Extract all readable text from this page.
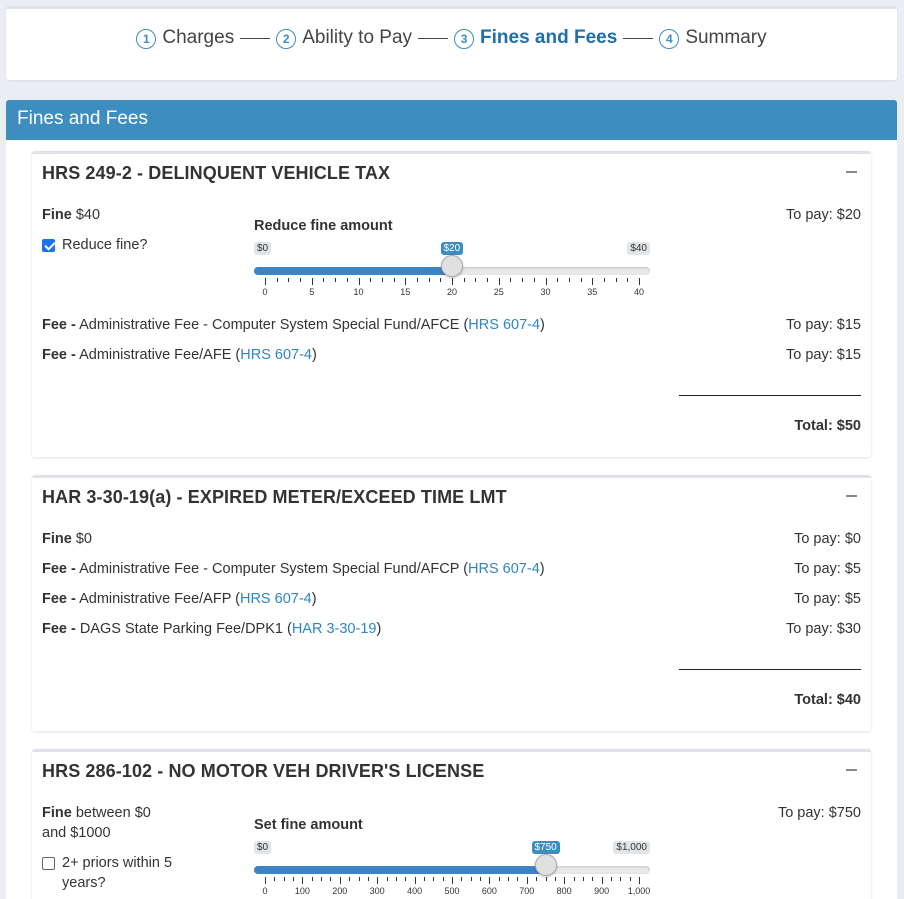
1 Charges	2 Ability to Pay	3 Fines and Fees	4 Summary
Fines and Fees
HRS 249-2 - DELINQUENT VEHICLE TAX
Fine $40	To pay: $20
Reduce fine?
Reduce fine amount
$0	$20	$40
0	5	10	15	20	25	30	35	40
Fee - Administrative Fee - Computer System Special Fund/AFCE (HRS 607-4)	To pay: $15
Fee - Administrative Fee/AFE (HRS 607-4)	To pay: $15
Total: $50
HAR 3-30-19(a) - EXPIRED METER/EXCEED TIME LMT
Fine $0	To pay: $0
Fee - Administrative Fee - Computer System Special Fund/AFCP (HRS 607-4)	To pay: $5
Fee - Administrative Fee/AFP (HRS 607-4)	To pay: $5
Fee - DAGS State Parking Fee/DPK1 (HAR 3-30-19)	To pay: $30
Total: $40
HRS 286-102 - NO MOTOR VEH DRIVER'S LICENSE
Fine between $0
and $1000
To pay: $750
2+ priors within 5
years?
Set fine amount
$0	$750	$1,000
0	100 200 300 400 500 600 700 800 900 1,000
